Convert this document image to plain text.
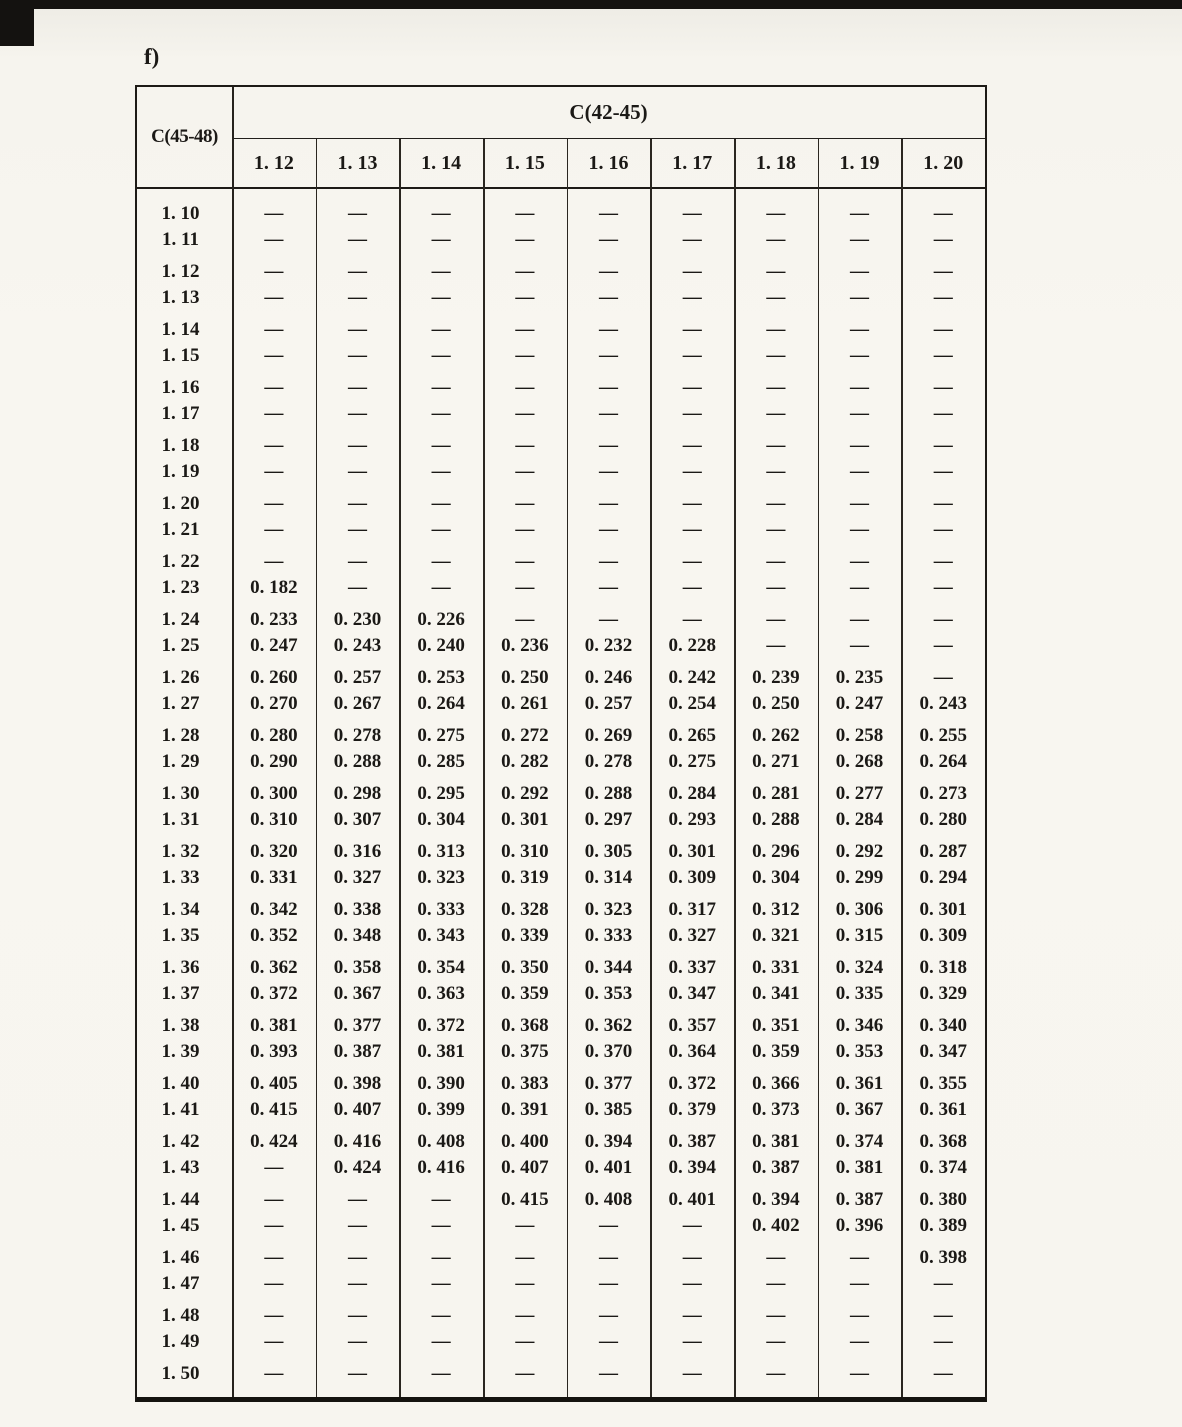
f)
C(45-48)
C(42-45)
1. 12	1. 13	1. 14	1. 15	1. 16	1. 17	1. 18	1. 19	1. 20
1. 10	—	—	—	—	—	—	—	—	—
1. 11	—	—	—	—	—	—	—	—	—
1. 12	—	—	—	—	—	—	—	—	—
1. 13	—	—	—	—	—	—	—	—	—
1. 14	—	—	—	—	—	—	—	—	—
1. 15	—	—	—	—	—	—	—	—	—
1. 16	—	—	—	—	—	—	—	—	—
1. 17	—	—	—	—	—	—	—	—	—
1. 18	—	—	—	—	—	—	—	—	—
1. 19	—	—	—	—	—	—	—	—	—
1. 20	—	—	—	—	—	—	—	—	—
1. 21	—	—	—	—	—	—	—	—	—
1. 22	—	—	—	—	—	—	—	—	—
1. 23	0. 182	—	—	—	—	—	—	—	—
1. 24	0. 233	0. 230	0. 226	—	—	—	—	—	—
1. 25	0. 247	0. 243	0. 240	0. 236	0. 232	0. 228	—	—	—
1. 26	0. 260	0. 257	0. 253	0. 250	0. 246	0. 242	0. 239	0. 235	—
1. 27	0. 270	0. 267	0. 264	0. 261	0. 257	0. 254	0. 250	0. 247	0. 243
1. 28	0. 280	0. 278	0. 275	0. 272	0. 269	0. 265	0. 262	0. 258	0. 255
1. 29	0. 290	0. 288	0. 285	0. 282	0. 278	0. 275	0. 271	0. 268	0. 264
1. 30	0. 300	0. 298	0. 295	0. 292	0. 288	0. 284	0. 281	0. 277	0. 273
1. 31	0. 310	0. 307	0. 304	0. 301	0. 297	0. 293	0. 288	0. 284	0. 280
1. 32	0. 320	0. 316	0. 313	0. 310	0. 305	0. 301	0. 296	0. 292	0. 287
1. 33	0. 331	0. 327	0. 323	0. 319	0. 314	0. 309	0. 304	0. 299	0. 294
1. 34	0. 342	0. 338	0. 333	0. 328	0. 323	0. 317	0. 312	0. 306	0. 301
1. 35	0. 352	0. 348	0. 343	0. 339	0. 333	0. 327	0. 321	0. 315	0. 309
1. 36	0. 362	0. 358	0. 354	0. 350	0. 344	0. 337	0. 331	0. 324	0. 318
1. 37	0. 372	0. 367	0. 363	0. 359	0. 353	0. 347	0. 341	0. 335	0. 329
1. 38	0. 381	0. 377	0. 372	0. 368	0. 362	0. 357	0. 351	0. 346	0. 340
1. 39	0. 393	0. 387	0. 381	0. 375	0. 370	0. 364	0. 359	0. 353	0. 347
1. 40	0. 405	0. 398	0. 390	0. 383	0. 377	0. 372	0. 366	0. 361	0. 355
1. 41	0. 415	0. 407	0. 399	0. 391	0. 385	0. 379	0. 373	0. 367	0. 361
1. 42	0. 424	0. 416	0. 408	0. 400	0. 394	0. 387	0. 381	0. 374	0. 368
1. 43	—	0. 424	0. 416	0. 407	0. 401	0. 394	0. 387	0. 381	0. 374
1. 44	—	—	—	0. 415	0. 408	0. 401	0. 394	0. 387	0. 380
1. 45	—	—	—	—	—	—	0. 402	0. 396	0. 389
1. 46	—	—	—	—	—	—	—	—	0. 398
1. 47	—	—	—	—	—	—	—	—	—
1. 48	—	—	—	—	—	—	—	—	—
1. 49	—	—	—	—	—	—	—	—	—
1. 50	—	—	—	—	—	—	—	—	—
